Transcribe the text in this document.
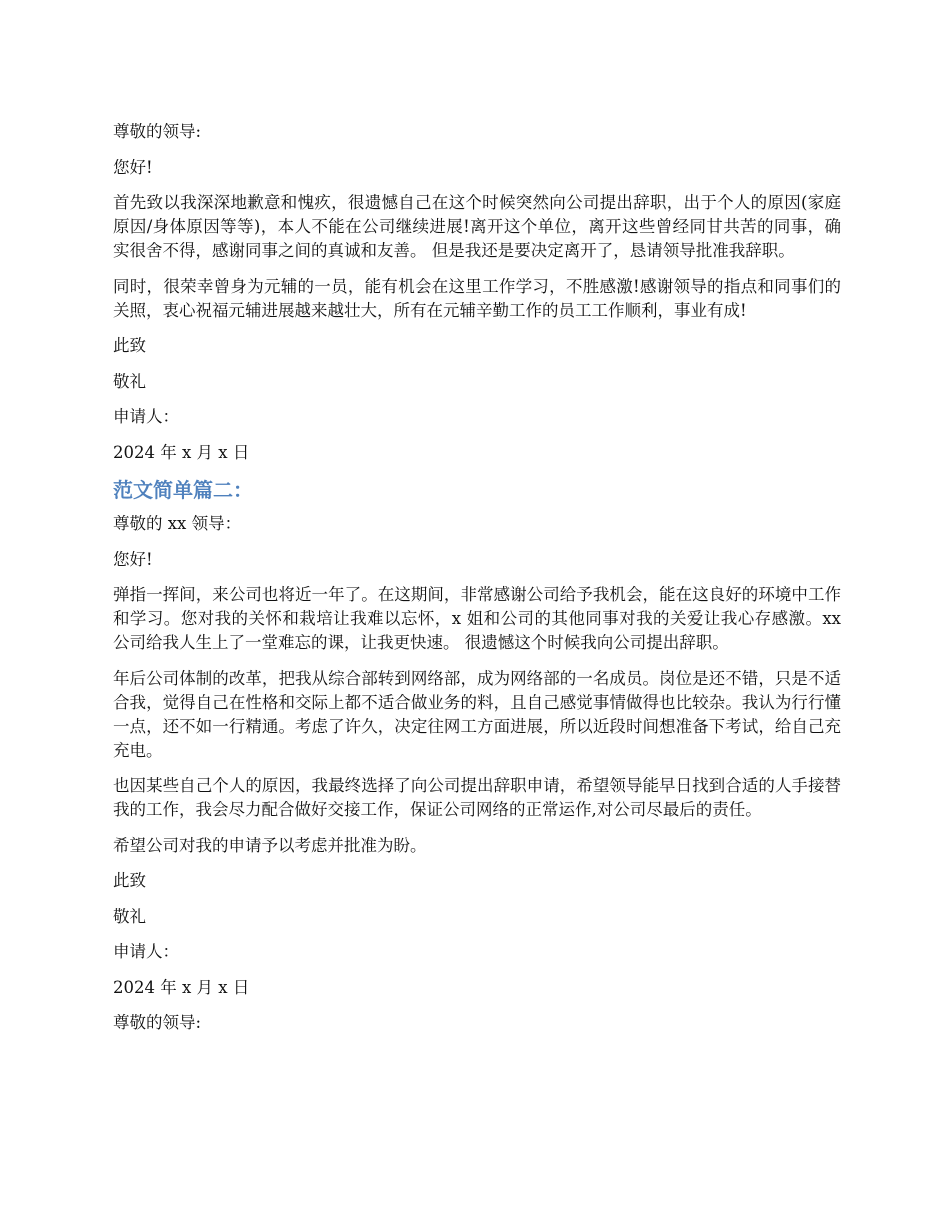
尊敬的领导:

您好!

首先致以我深深地歉意和愧疚，很遗憾自己在这个时候突然向公司提出辞职，出于个人的原因(家庭原因/身体原因等等)，本人不能在公司继续进展!离开这个单位，离开这些曾经同甘共苦的同事，确实很舍不得，感谢同事之间的真诚和友善。 但是我还是要决定离开了，恳请领导批准我辞职。

同时，很荣幸曾身为元辅的一员，能有机会在这里工作学习，不胜感激!感谢领导的指点和同事们的关照，衷心祝福元辅进展越来越壮大，所有在元辅辛勤工作的员工工作顺利，事业有成!

此致

敬礼

申请人：

2024 年 x 月 x 日

范文简单篇二：

尊敬的 xx 领导：

您好!

弹指一挥间，来公司也将近一年了。在这期间，非常感谢公司给予我机会，能在这良好的环境中工作和学习。您对我的关怀和栽培让我难以忘怀，x 姐和公司的其他同事对我的关爱让我心存感激。xx 公司给我人生上了一堂难忘的课，让我更快速。 很遗憾这个时候我向公司提出辞职。

年后公司体制的改革，把我从综合部转到网络部，成为网络部的一名成员。岗位是还不错，只是不适合我，觉得自己在性格和交际上都不适合做业务的料，且自己感觉事情做得也比较杂。我认为行行懂一点，还不如一行精通。考虑了许久，决定往网工方面进展，所以近段时间想准备下考试，给自己充充电。

也因某些自己个人的原因，我最终选择了向公司提出辞职申请，希望领导能早日找到合适的人手接替我的工作，我会尽力配合做好交接工作，保证公司网络的正常运作,对公司尽最后的责任。

希望公司对我的申请予以考虑并批准为盼。

此致

敬礼

申请人：

2024 年 x 月 x 日

尊敬的领导:
